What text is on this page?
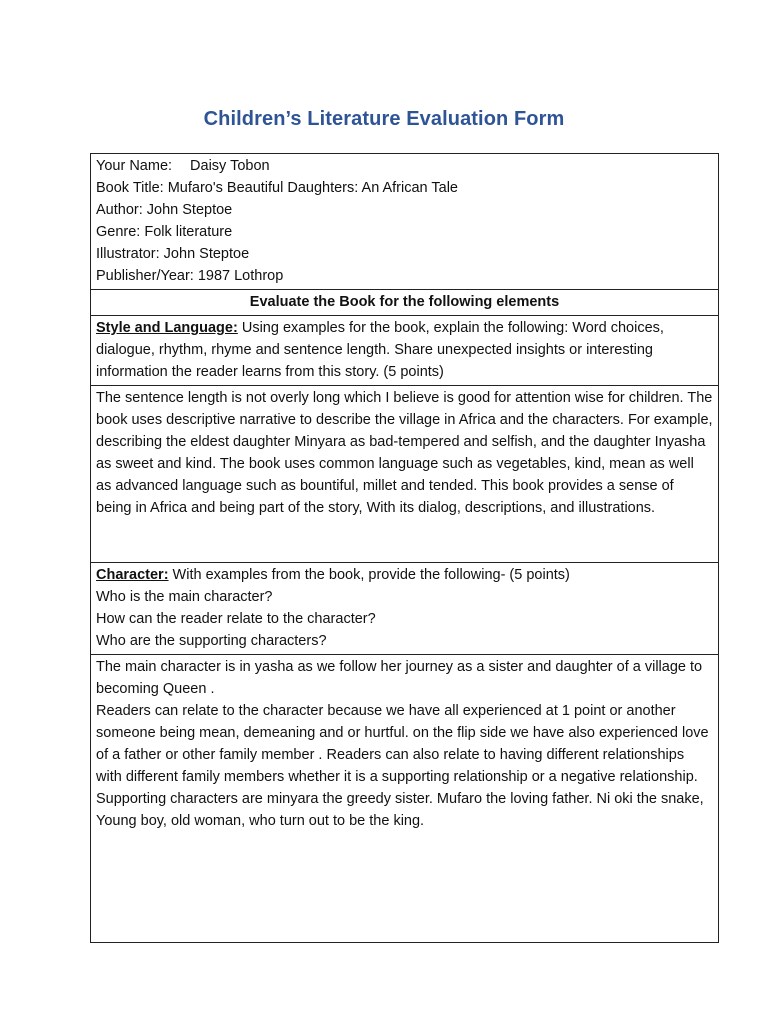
Children’s Literature Evaluation Form
Your Name: Daisy Tobon
Book Title: Mufaro's Beautiful Daughters: An African Tale
Author: John Steptoe
Genre: Folk literature
Illustrator: John Steptoe
Publisher/Year: 1987 Lothrop

Evaluate the Book for the following elements
Style and Language: Using examples for the book, explain the following: Word choices, dialogue, rhythm, rhyme and sentence length. Share unexpected insights or interesting information the reader learns from this story. (5 points)

The sentence length is not overly long which I believe is good for attention wise for children. The book uses descriptive narrative to describe the village in Africa and the characters. For example, describing the eldest daughter Minyara as bad-tempered and selfish, and the daughter Inyasha as sweet and kind. The book uses common language such as vegetables, kind, mean as well as advanced language such as bountiful, millet and tended. This book provides a sense of being in Africa and being part of the story, With its dialog, descriptions, and illustrations.

Character: With examples from the book, provide the following- (5 points)
Who is the main character?
How can the reader relate to the character?
Who are the supporting characters?

The main character is in yasha as we follow her journey as a sister and daughter of a village to becoming Queen .
Readers can relate to the character because we have all experienced at 1 point or another someone being mean, demeaning and or hurtful. on the flip side we have also experienced love of a father or other family member . Readers can also relate to having different relationships with different family members whether it is a supporting relationship or a negative relationship.
Supporting characters are minyara the greedy sister. Mufaro the loving father. Ni oki the snake, Young boy, old woman, who turn out to be the king.
